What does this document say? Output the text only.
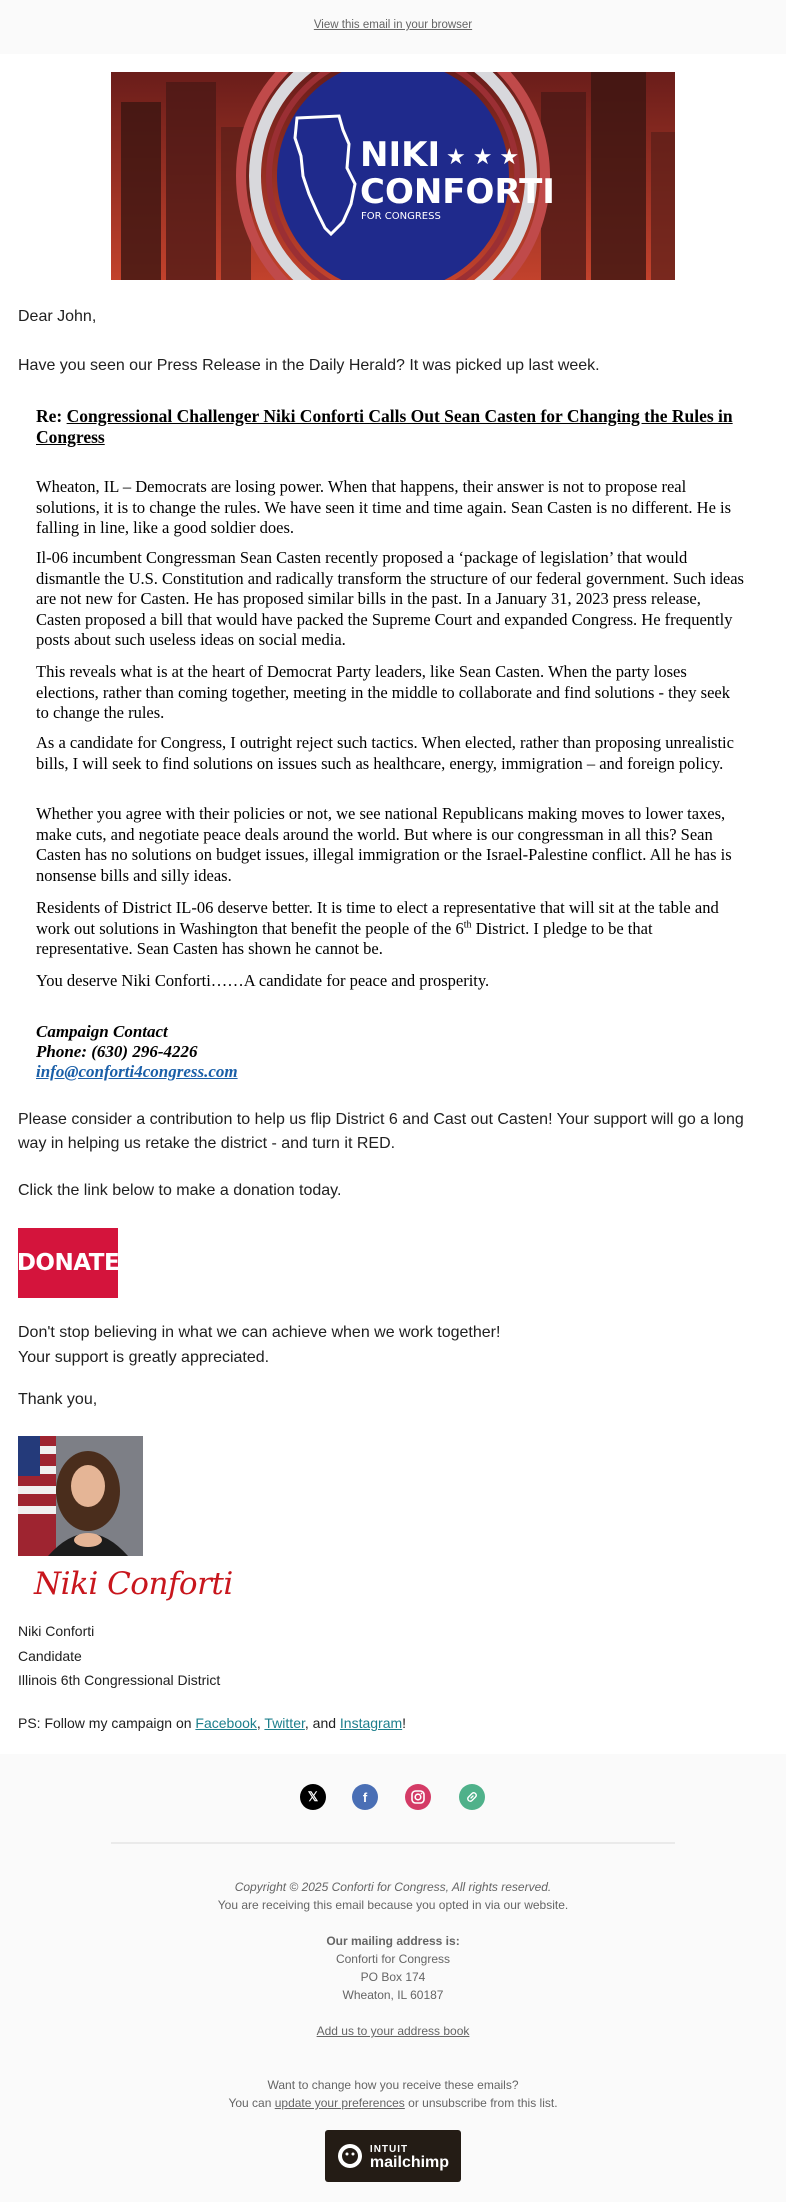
View this email in your browser
NIKI ★ ★ ★
CONFORTI
FOR CONGRESS
Dear John,
Have you seen our Press Release in the Daily Herald? It was picked up last week.
Re: Congressional Challenger Niki Conforti Calls Out Sean Casten for Changing the Rules in Congress
Wheaton, IL – Democrats are losing power. When that happens, their answer is not to propose real solutions, it is to change the rules. We have seen it time and time again. Sean Casten is no different. He is falling in line, like a good soldier does.
Il-06 incumbent Congressman Sean Casten recently proposed a ‘package of legislation’ that would dismantle the U.S. Constitution and radically transform the structure of our federal government. Such ideas are not new for Casten. He has proposed similar bills in the past. In a January 31, 2023 press release, Casten proposed a bill that would have packed the Supreme Court and expanded Congress. He frequently posts about such useless ideas on social media.
This reveals what is at the heart of Democrat Party leaders, like Sean Casten. When the party loses elections, rather than coming together, meeting in the middle to collaborate and find solutions - they seek to change the rules.
As a candidate for Congress, I outright reject such tactics. When elected, rather than proposing unrealistic bills, I will seek to find solutions on issues such as healthcare, energy, immigration – and foreign policy.
Whether you agree with their policies or not, we see national Republicans making moves to lower taxes, make cuts, and negotiate peace deals around the world. But where is our congressman in all this? Sean Casten has no solutions on budget issues, illegal immigration or the Israel-Palestine conflict. All he has is nonsense bills and silly ideas.
Residents of District IL-06 deserve better. It is time to elect a representative that will sit at the table and work out solutions in Washington that benefit the people of the 6th District. I pledge to be that representative. Sean Casten has shown he cannot be.
You deserve Niki Conforti……A candidate for peace and prosperity.
Campaign Contact
Phone: (630) 296-4226
info@conforti4congress.com
Please consider a contribution to help us flip District 6 and Cast out Casten! Your support will go a long way in helping us retake the district - and turn it RED.
Click the link below to make a donation today.
DONATE
Don't stop believing in what we can achieve when we work together!
Your support is greatly appreciated.
Thank you,
Niki Conforti
Niki Conforti
Candidate
Illinois 6th Congressional District
PS: Follow my campaign on Facebook, Twitter, and Instagram!
𝕏	f
Copyright © 2025 Conforti for Congress, All rights reserved.
You are receiving this email because you opted in via our website.
Our mailing address is:
Conforti for Congress
PO Box 174
Wheaton, IL 60187
Add us to your address book
Want to change how you receive these emails?
You can update your preferences or unsubscribe from this list.
INTUIT
mailchimp
